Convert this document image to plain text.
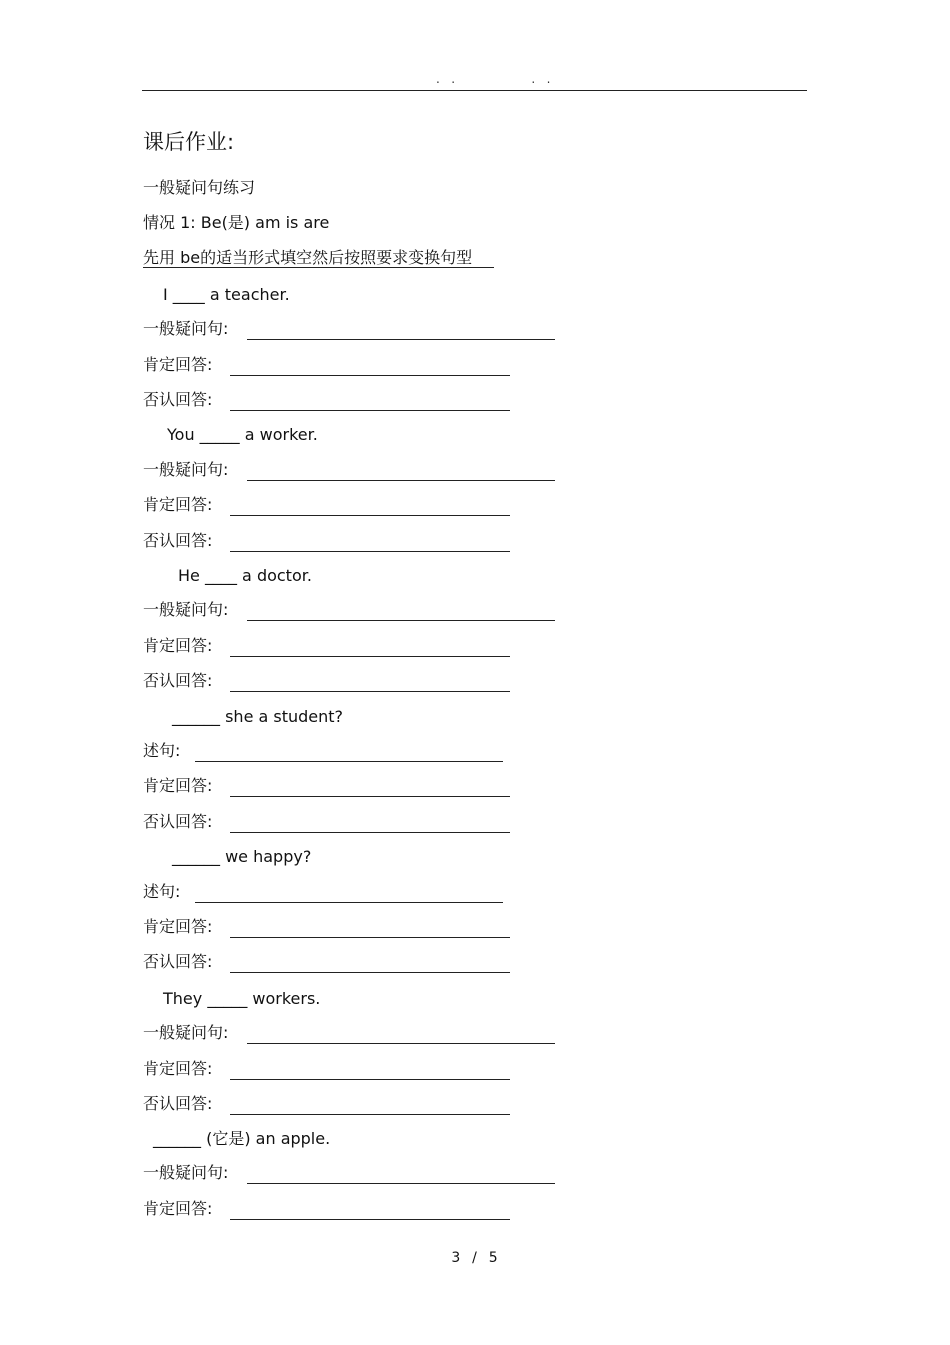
.   .                    .   .
课后作业:
一般疑问句练习
情况 1: Be(是) am is are
先用 be的适当形式填空然后按照要求变换句型
I ____ a teacher.
一般疑问句:
肯定回答:
否认回答:
You _____ a worker.
一般疑问句:
肯定回答:
否认回答:
He ____ a doctor.
一般疑问句:
肯定回答:
否认回答:
______ she a student?
述句:
肯定回答:
否认回答:
______ we happy?
述句:
肯定回答:
否认回答:
They _____ workers.
一般疑问句:
肯定回答:
否认回答:
______ (它是) an apple.
一般疑问句:
肯定回答:
3  /  5
